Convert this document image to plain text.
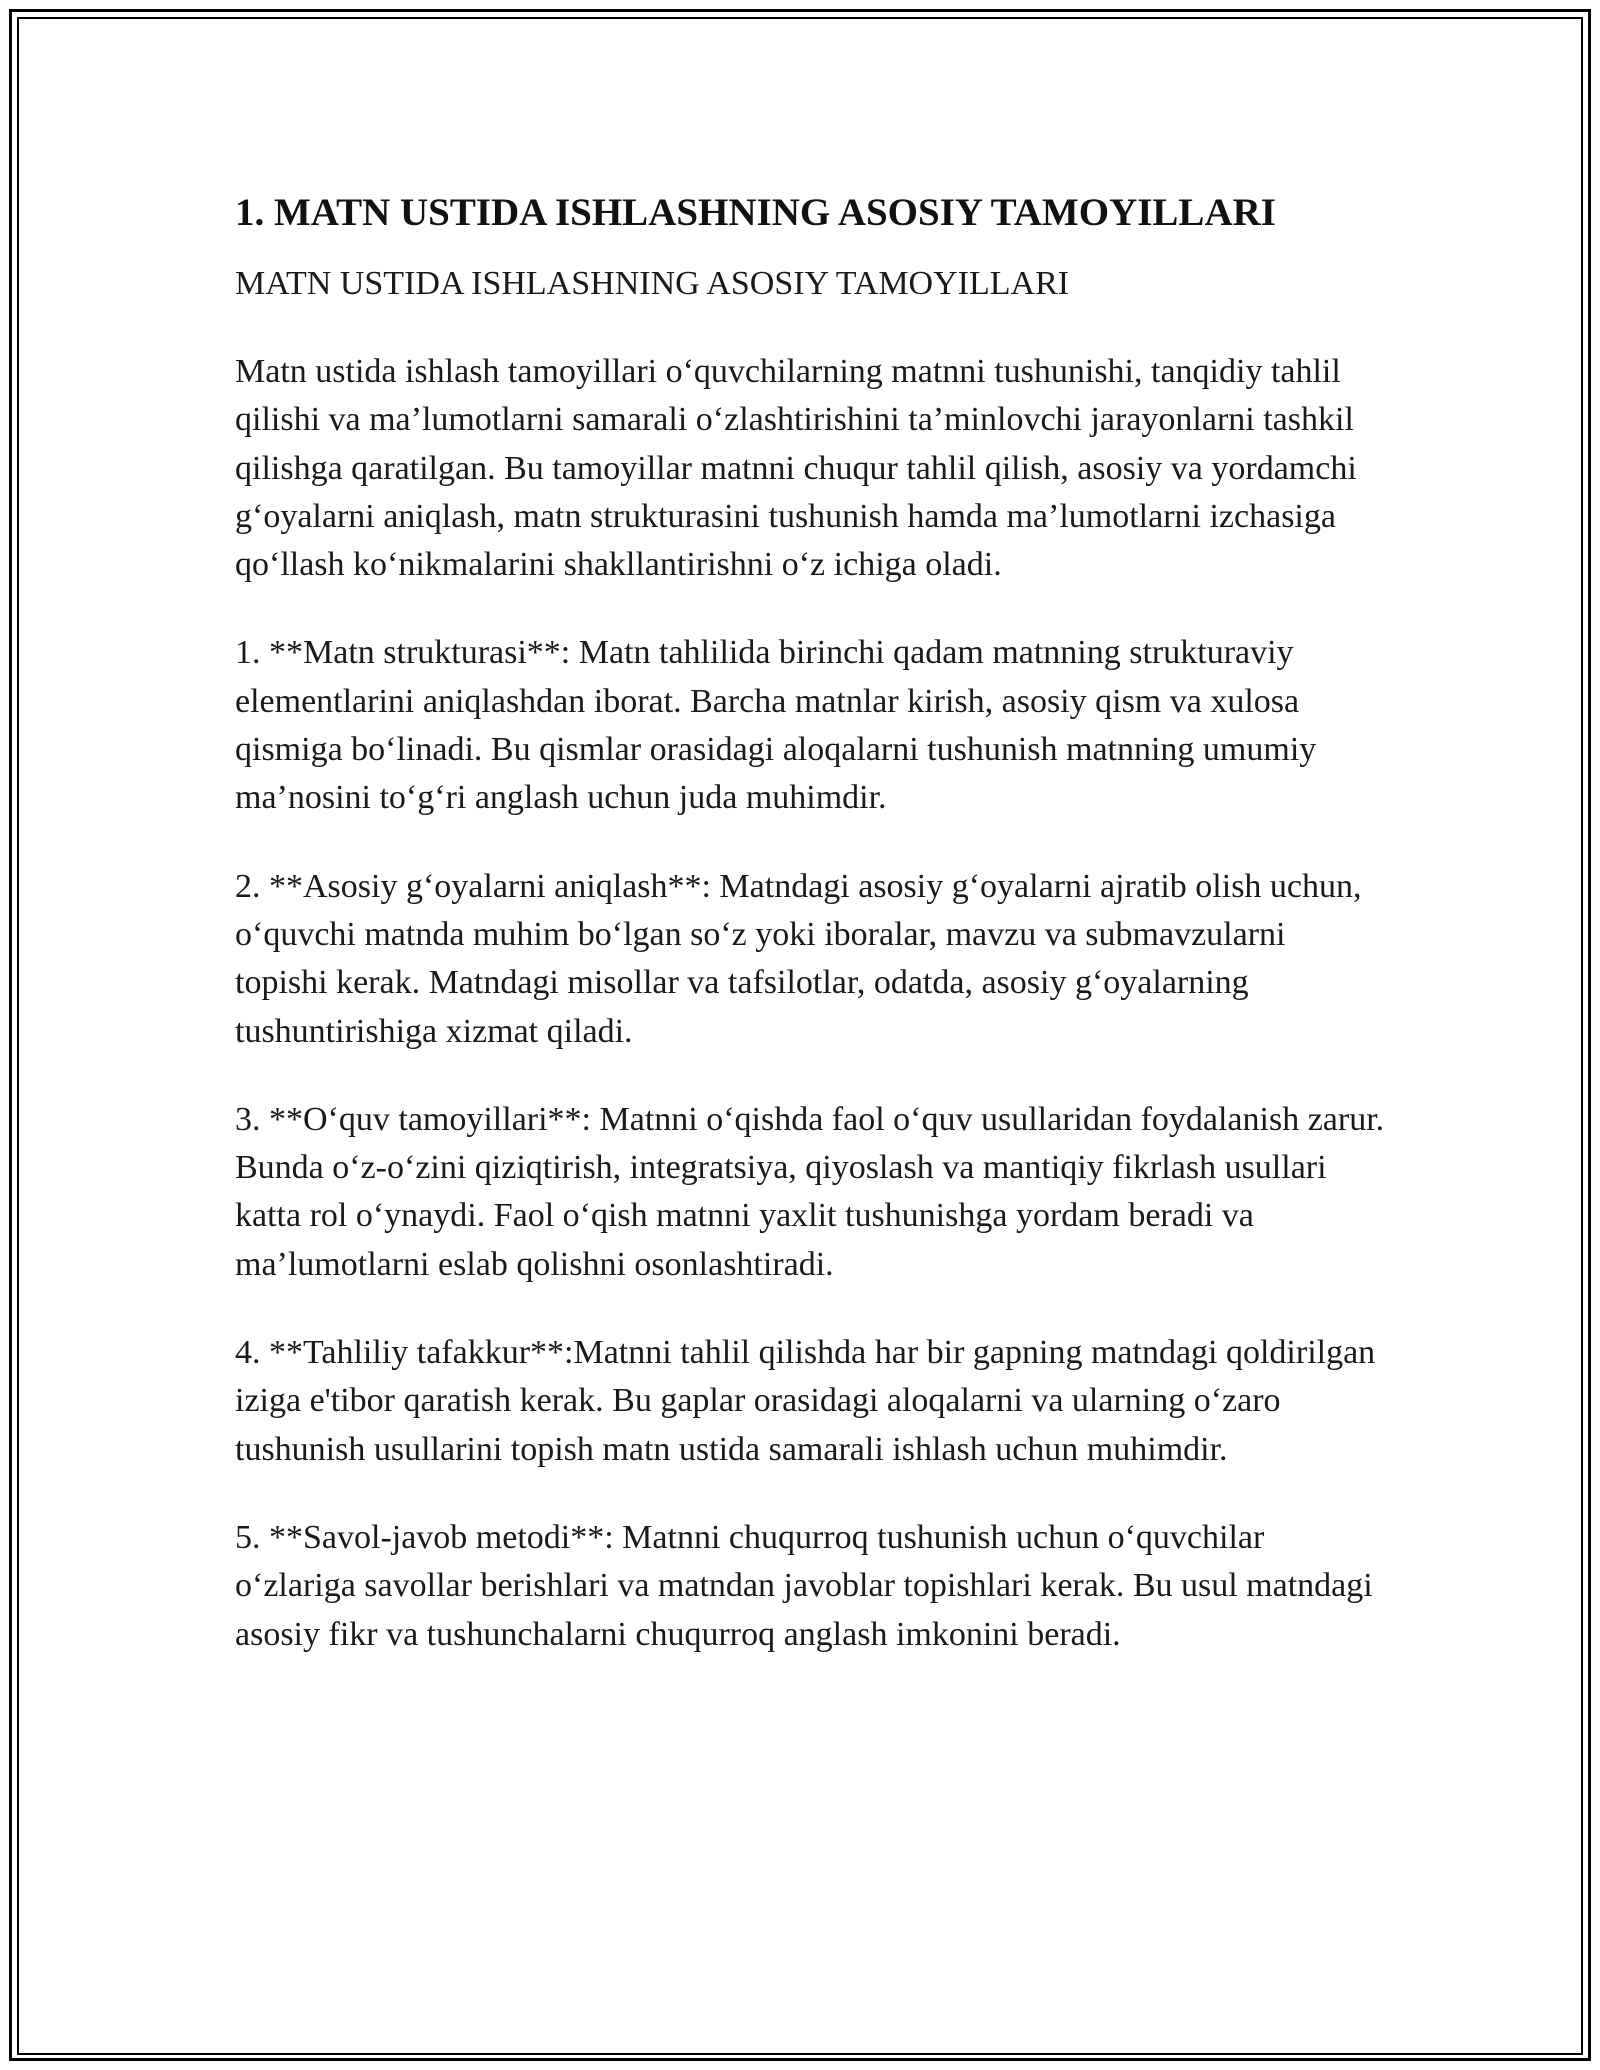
1. MATN USTIDA ISHLASHNING ASOSIY TAMOYILLARI

MATN USTIDA ISHLASHNING ASOSIY TAMOYILLARI

Matn ustida ishlash tamoyillari o‘quvchilarning matnni tushunishi, tanqidiy tahlil qilishi va ma’lumotlarni samarali o‘zlashtirishini ta’minlovchi jarayonlarni tashkil qilishga qaratilgan. Bu tamoyillar matnni chuqur tahlil qilish, asosiy va yordamchi g‘oyalarni aniqlash, matn strukturasini tushunish hamda ma’lumotlarni izchasiga qo‘llash ko‘nikmalarini shakllantirishni o‘z ichiga oladi.

1. **Matn strukturasi**: Matn tahlilida birinchi qadam matnning strukturaviy elementlarini aniqlashdan iborat. Barcha matnlar kirish, asosiy qism va xulosa qismiga bo‘linadi. Bu qismlar orasidagi aloqalarni tushunish matnning umumiy ma’nosini to‘g‘ri anglash uchun juda muhimdir.

2. **Asosiy g‘oyalarni aniqlash**: Matndagi asosiy g‘oyalarni ajratib olish uchun, o‘quvchi matnda muhim bo‘lgan so‘z yoki iboralar, mavzu va submavzularni topishi kerak. Matndagi misollar va tafsilotlar, odatda, asosiy g‘oyalarning tushuntirishiga xizmat qiladi.

3. **O‘quv tamoyillari**: Matnni o‘qishda faol o‘quv usullaridan foydalanish zarur. Bunda o‘z-o‘zini qiziqtirish, integratsiya, qiyoslash va mantiqiy fikrlash usullari katta rol o‘ynaydi. Faol o‘qish matnni yaxlit tushunishga yordam beradi va ma’lumotlarni eslab qolishni osonlashtiradi.

4. **Tahliliy tafakkur**:Matnni tahlil qilishda har bir gapning matndagi qoldirilgan iziga e'tibor qaratish kerak. Bu gaplar orasidagi aloqalarni va ularning o‘zaro tushunish usullarini topish matn ustida samarali ishlash uchun muhimdir.

5. **Savol-javob metodi**: Matnni chuqurroq tushunish uchun o‘quvchilar o‘zlariga savollar berishlari va matndan javoblar topishlari kerak. Bu usul matndagi asosiy fikr va tushunchalarni chuqurroq anglash imkonini beradi.
